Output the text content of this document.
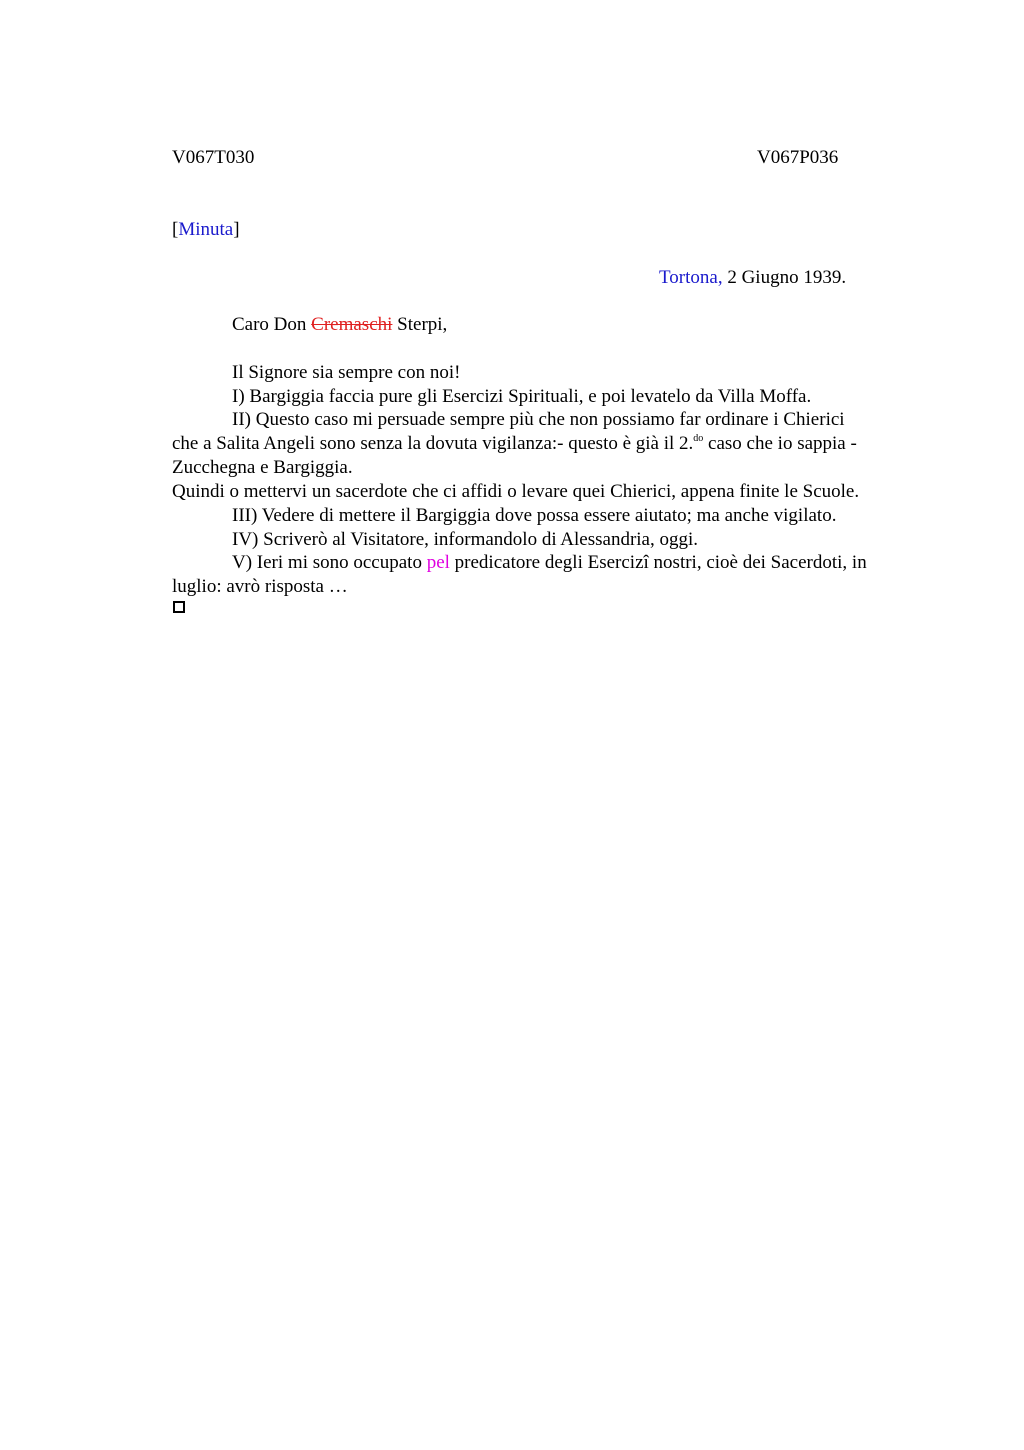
V067T030	V067P036
[Minuta]
Tortona, 2 Giugno 1939.
Caro Don Cremaschi Sterpi,
Il Signore sia sempre con noi!
I) Bargiggia faccia pure gli Esercizi Spirituali, e poi levatelo da Villa Moffa.
II) Questo caso mi persuade sempre più che non possiamo far ordinare i Chierici
che a Salita Angeli sono senza la dovuta vigilanza:- questo è già il 2.$^{do}$ caso che io sappia -
Zucchegna e Bargiggia.
Quindi o mettervi un sacerdote che ci affidi o levare quei Chierici, appena finite le Scuole.
III) Vedere di mettere il Bargiggia dove possa essere aiutato; ma anche vigilato.
IV) Scriverò al Visitatore, informandolo di Alessandria, oggi.
V) Ieri mi sono occupato pel predicatore degli Esercizi nostri, cioè dei Sacerdoti, in
luglio: avrò risposta …
